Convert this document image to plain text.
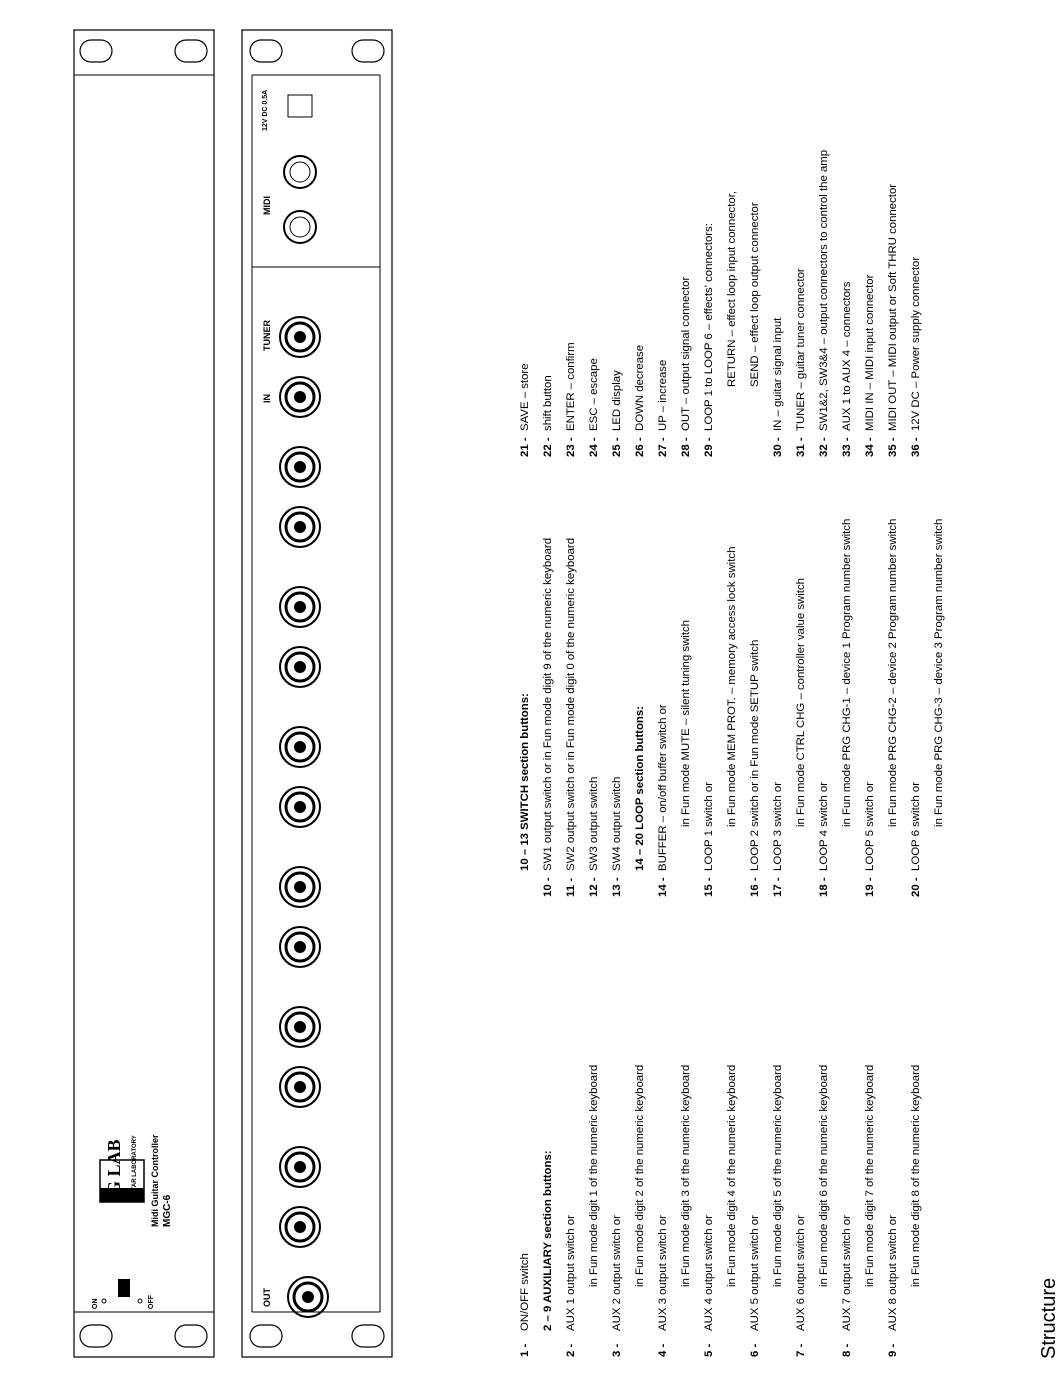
ON	OFF
G LAB GUITAR LABORATORY Midi Guitar Controller MGC-6
OUT
IN
TUNER
MIDI
12V DC 0.5A
Structure
1 -ON/OFF switch 2 – 9 AUXILIARY section buttons:
2 -AUX 1 output switch or in Fun mode digit 1 of the numeric keyboard
3 -AUX 2 output switch or in Fun mode digit 2 of the numeric keyboard
4 -AUX 3 output switch or in Fun mode digit 3 of the numeric keyboard
5 -AUX 4 output switch or in Fun mode digit 4 of the numeric keyboard
6 -AUX 5 output switch or in Fun mode digit 5 of the numeric keyboard
7 -AUX 6 output switch or in Fun mode digit 6 of the numeric keyboard
8 -AUX 7 output switch or in Fun mode digit 7 of the numeric keyboard
9 -AUX 8 output switch or in Fun mode digit 8 of the numeric keyboard
10 – 13 SWITCH section buttons:
10 -SW1 output switch or in Fun mode digit 9 of the numeric keyboard
11 -SW2 output switch or in Fun mode digit 0 of the numeric keyboard
12 -SW3 output switch
13 -SW4 output switch 14 – 20 LOOP section buttons:
14 -BUFFER – on/off buffer switch or in Fun mode MUTE – silent tuning switch
15 -LOOP 1 switch or in Fun mode MEM PROT. – memory access lock switch
16 -LOOP 2 switch or in Fun mode SETUP switch
17 -LOOP 3 switch or in Fun mode CTRL CHG – controller value switch
18 -LOOP 4 switch or in Fun mode PRG CHG-1 – device 1 Program number switch
19 -LOOP 5 switch or in Fun mode PRG CHG-2 – device 2 Program number switch
20 -LOOP 6 switch or in Fun mode PRG CHG-3 – device 3 Program number switch
21 -SAVE – store
22 -shift button
23 -ENTER – confirm
24 -ESC – escape
25 -LED display
26 -DOWN decrease
27 -UP – increase
28 -OUT – output signal connector
29 -LOOP 1 to LOOP 6 – effects' connectors: RETURN – effect loop input connector, SEND – effect loop output connector
30 -IN – guitar signal input
31 -TUNER – guitar tuner connector
32 -SW1&2, SW3&4 – output connectors to control the amp
33 -AUX 1 to AUX 4 – connectors
34 -MIDI IN – MIDI input connector
35 -MIDI OUT – MIDI output or Soft THRU connector
36 -12V DC – Power supply connector
